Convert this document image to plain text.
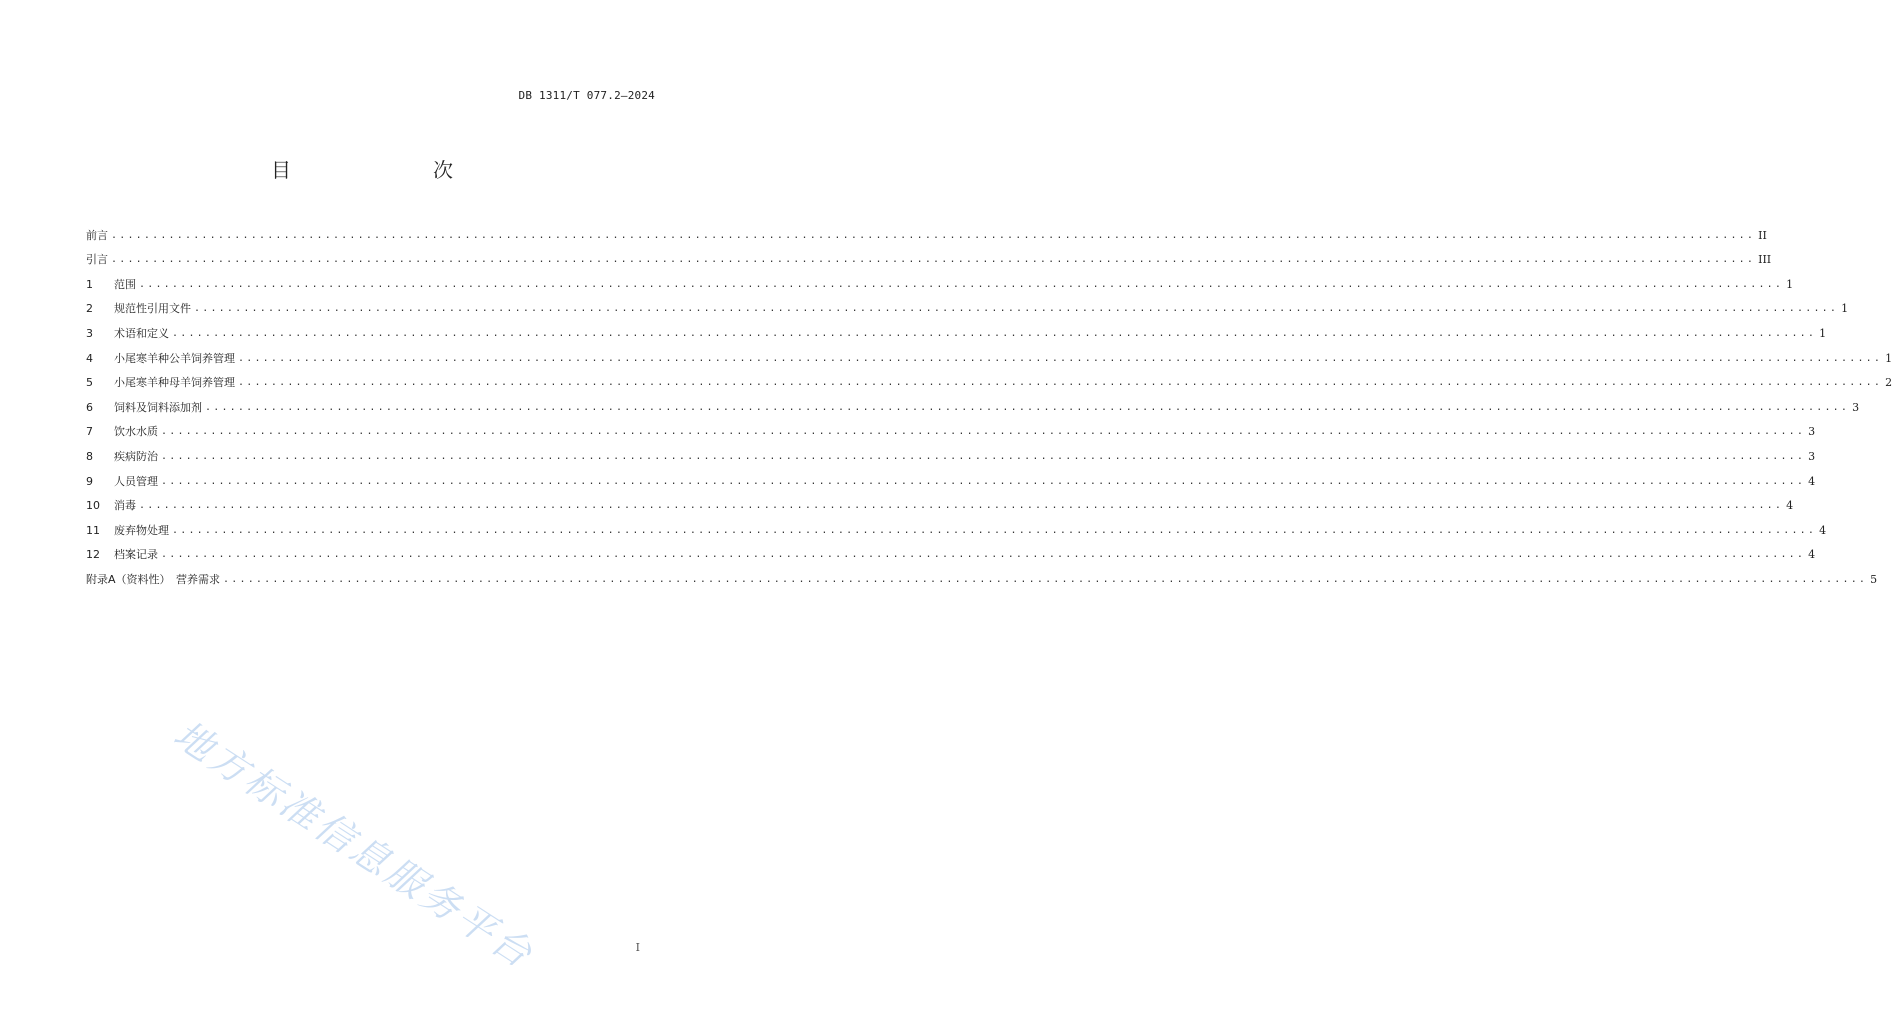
DB 1311/T 077.2—2024
目　　次
前言 ........................................................................................................................................................................................................ II
引言 ........................................................................................................................................................................................................ III
1	范围 ........................................................................................................................................................................................................ 1
2	规范性引用文件 ........................................................................................................................................................................................................ 1
3	术语和定义 ........................................................................................................................................................................................................ 1
4	小尾寒羊种公羊饲养管理 ........................................................................................................................................................................................................ 1
5	小尾寒羊种母羊饲养管理 ........................................................................................................................................................................................................ 2
6	饲料及饲料添加剂 ........................................................................................................................................................................................................ 3
7	饮水水质 ........................................................................................................................................................................................................ 3
8	疾病防治 ........................................................................................................................................................................................................ 3
9	人员管理 ........................................................................................................................................................................................................ 4
10	消毒 ........................................................................................................................................................................................................ 4
11	废弃物处理 ........................................................................................................................................................................................................ 4
12	档案记录 ........................................................................................................................................................................................................ 4
附录A（资料性）　营养需求 ........................................................................................................................................................................................................ 5
地方标准信息服务平台	I
